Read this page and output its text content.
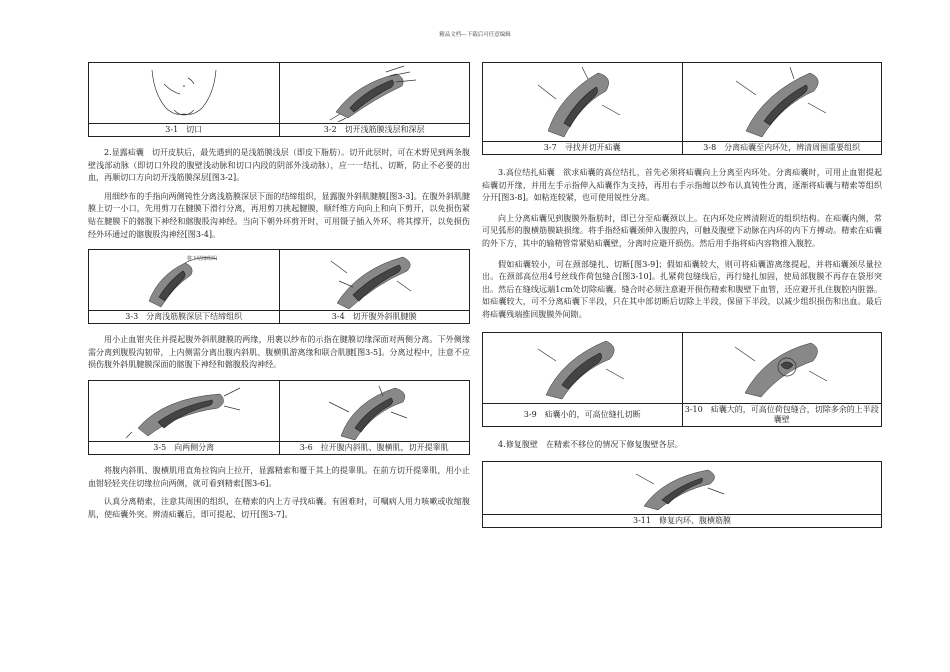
精品文档---下载后可任意编辑

3-1　切口	3-2　切开浅筋膜浅层和深层

2.显露疝囊　切开皮肤后，最先遇到的是浅筋膜浅层（即皮下脂肪）。切开此层时，可在术野见到两条腹壁浅部动脉（即切口外段的腹壁浅动脉和切口内段的阴部外浅动脉），应一一结扎、切断，防止不必要的出血，再顺切口方向切开浅筋膜深层[图3-2]。

用细纱布的手指向两侧钝性分离浅筋膜深层下面的结缔组织，显露腹外斜肌腱膜[图3-3]。在腹外斜肌腱膜上切一小口，先用剪刀在腱膜下滑行分离，再用剪刀挑起腱膜，顺纤维方向向上和向下剪开，以免损伤紧贴在腱膜下的髂腹下神经和髂腹股沟神经。当向下朝外环剪开时，可用镊子插入外环，将其撑开，以免损伤经外环通过的髂腹股沟神经[图3-4]。

将下结缔组织

3-3　分离浅筋膜深层下结缔组织	3-4　切开腹外斜肌腱膜

用小止血钳夹住并提起腹外斜肌腱膜的两缘，用裹以纱布的示指在腱膜切缘深面对两侧分离。下外侧缘需分离到腹股沟韧带，上内侧需分离出腹内斜肌、腹横肌游离缘和联合肌腱[图3-5]。分离过程中，注意不应损伤腹外斜肌腱膜深面的髂腹下神经和髂腹股沟神经。

3-5　向两侧分离	3-6　拉开腹内斜肌、腹横肌，切开提睾肌

将腹内斜肌、腹横肌用直角拉钩向上拉开，显露精索和覆于其上的提睾肌。在前方切开提睾肌，用小止血钳轻轻夹住切缘拉向两侧，就可看到精索[图3-6]。

认真分离精索，注意其周围的组织，在精索的内上方寻找疝囊。有困难时，可嘱病人用力咳嗽或收缩腹肌，使疝囊外突。辨清疝囊后，即可提起、切开[图3-7]。

3-7　寻找并切开疝囊	3-8　分离疝囊至内环处，辨清周围重要组织

3.高位结扎疝囊　欲求疝囊的高位结扎，首先必须将疝囊向上分离至内环处。分离疝囊时，可用止血钳提起疝囊切开缘，并用左手示指伸入疝囊作为支持，再用右手示指缠以纱布认真钝性分离，逐渐将疝囊与精索等组织分开[图3-8]。如粘连较紧，也可使用锐性分离。

向上分离疝囊见到腹膜外脂肪时，即已分至疝囊颈以上。在内环处应辨清附近的组织结构。在疝囊内侧，常可见弧形的腹横筋膜缺损缘。将手指经疝囊颈伸入腹腔内，可触及腹壁下动脉在内环的内下方搏动。精索在疝囊的外下方，其中的输精管常紧贴疝囊壁，分离时应避开损伤。然后用手指将疝内容物推入腹腔。

假如疝囊较小，可在颈部缝扎、切断[图3-9]；假如疝囊较大，则可将疝囊游离缘提起，并将疝囊颈尽量拉出。在颈部高位用4号丝线作荷包缝合[图3-10]。扎紧荷包缝线后，再行缝扎加固，使局部腹膜不再存在袋形突出。然后在缝线远端1cm处切除疝囊。缝合时必须注意避开损伤精索和腹壁下血管，还应避开扎住腹腔内脏器。如疝囊较大，可不分离疝囊下半段，只在其中部切断后切除上半段，保留下半段，以减少组织损伤和出血。最后将疝囊残端推回腹膜外间隙。

3-9　疝囊小的，可高位缝扎切断	3-10　疝囊大的，可高位荷包缝合，切除多余的上半段囊壁

4.修复腹壁　在精索不移位的情况下修复腹壁各层。

3-11　修复内环、腹横筋膜
